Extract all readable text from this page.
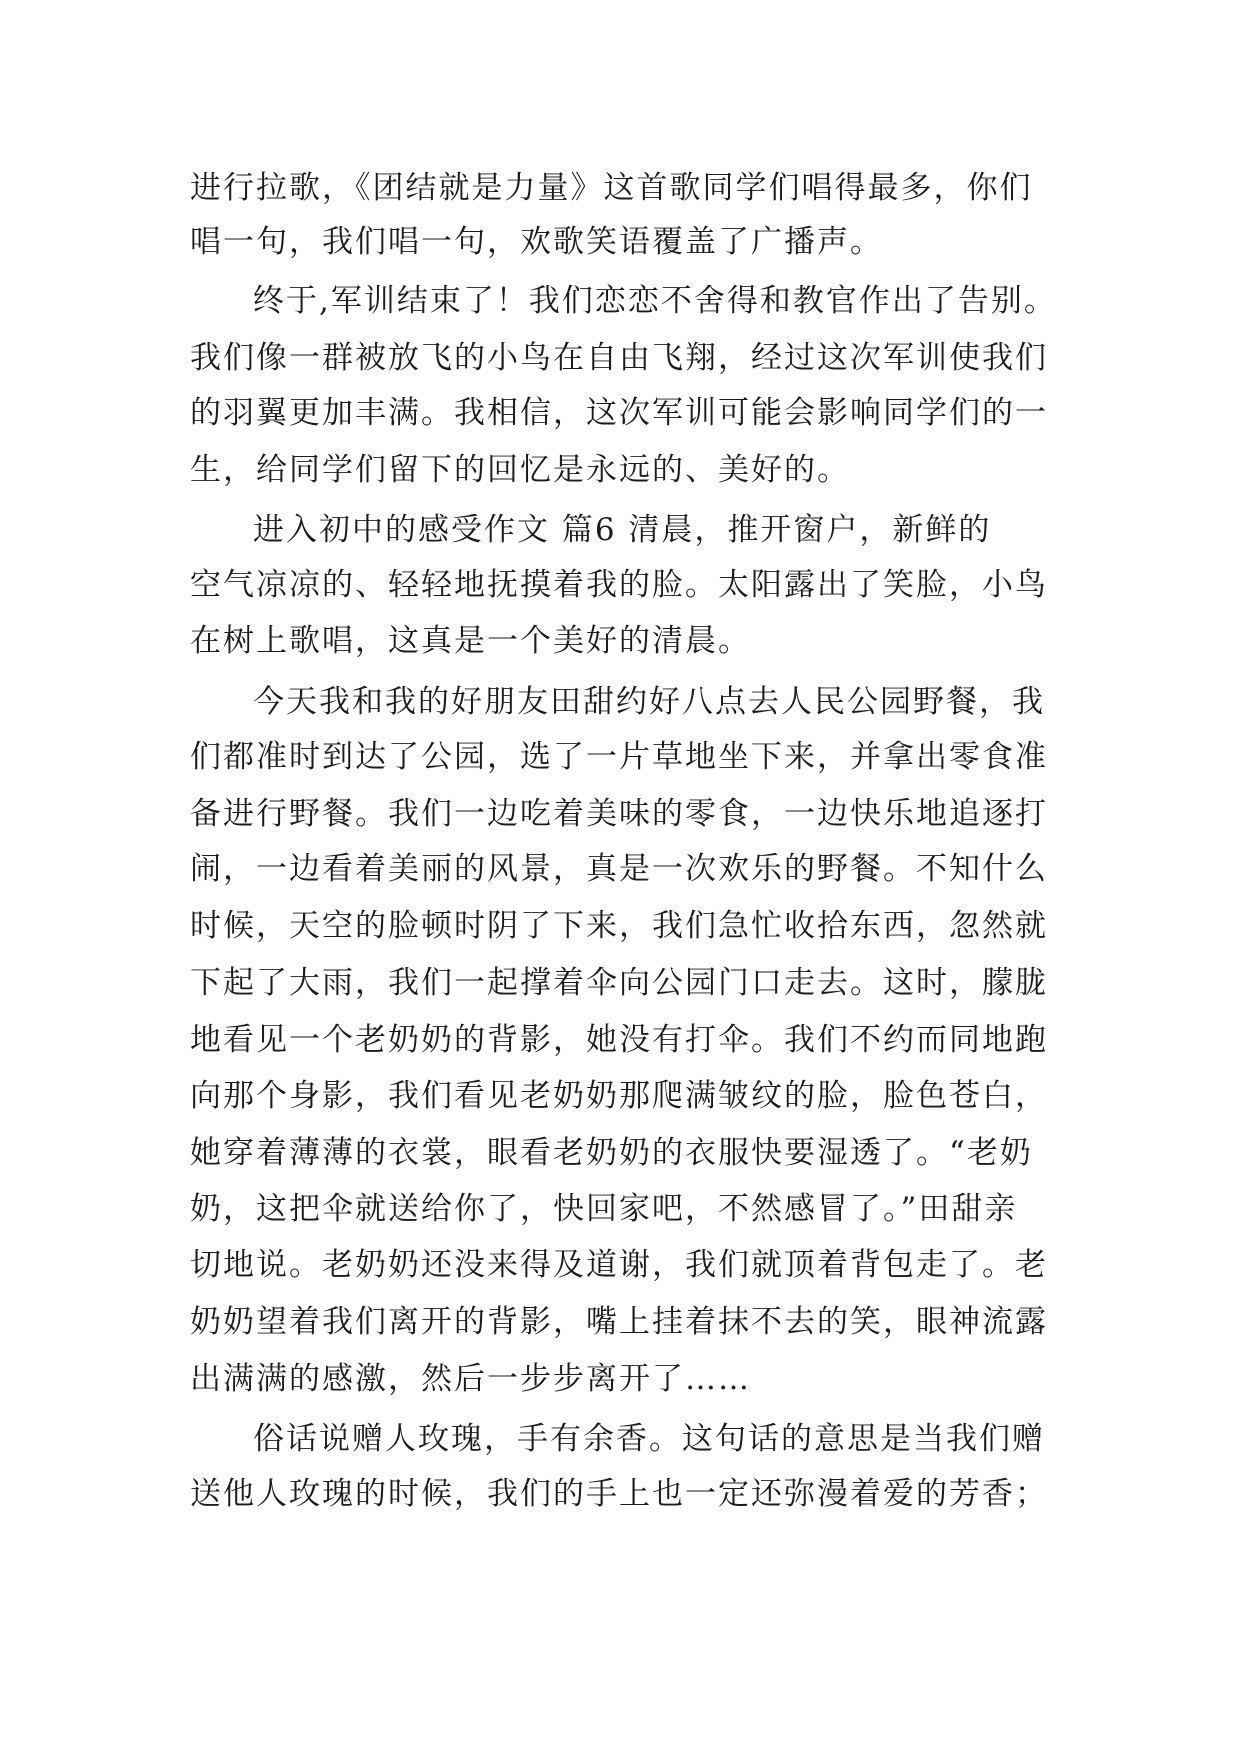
进行拉歌，《团结就是力量》这首歌同学们唱得最多，你们
唱一句，我们唱一句，欢歌笑语覆盖了广播声。
终于,军训结束了！我们恋恋不舍得和教官作出了告别。
我们像一群被放飞的小鸟在自由飞翔，经过这次军训使我们
的羽翼更加丰满。我相信，这次军训可能会影响同学们的一
生，给同学们留下的回忆是永远的、美好的。
进入初中的感受作文 篇6 清晨，推开窗户，新鲜的
空气凉凉的、轻轻地抚摸着我的脸。太阳露出了笑脸，小鸟
在树上歌唱，这真是一个美好的清晨。
今天我和我的好朋友田甜约好八点去人民公园野餐，我
们都准时到达了公园，选了一片草地坐下来，并拿出零食准
备进行野餐。我们一边吃着美味的零食，一边快乐地追逐打
闹，一边看着美丽的风景，真是一次欢乐的野餐。不知什么
时候，天空的脸顿时阴了下来，我们急忙收拾东西，忽然就
下起了大雨，我们一起撑着伞向公园门口走去。这时，朦胧
地看见一个老奶奶的背影，她没有打伞。我们不约而同地跑
向那个身影，我们看见老奶奶那爬满皱纹的脸，脸色苍白，
她穿着薄薄的衣裳，眼看老奶奶的衣服快要湿透了。“老奶
奶，这把伞就送给你了，快回家吧，不然感冒了。”田甜亲
切地说。老奶奶还没来得及道谢，我们就顶着背包走了。老
奶奶望着我们离开的背影，嘴上挂着抹不去的笑，眼神流露
出满满的感激，然后一步步离开了……
俗话说赠人玫瑰，手有余香。这句话的意思是当我们赠
送他人玫瑰的时候，我们的手上也一定还弥漫着爱的芳香；
